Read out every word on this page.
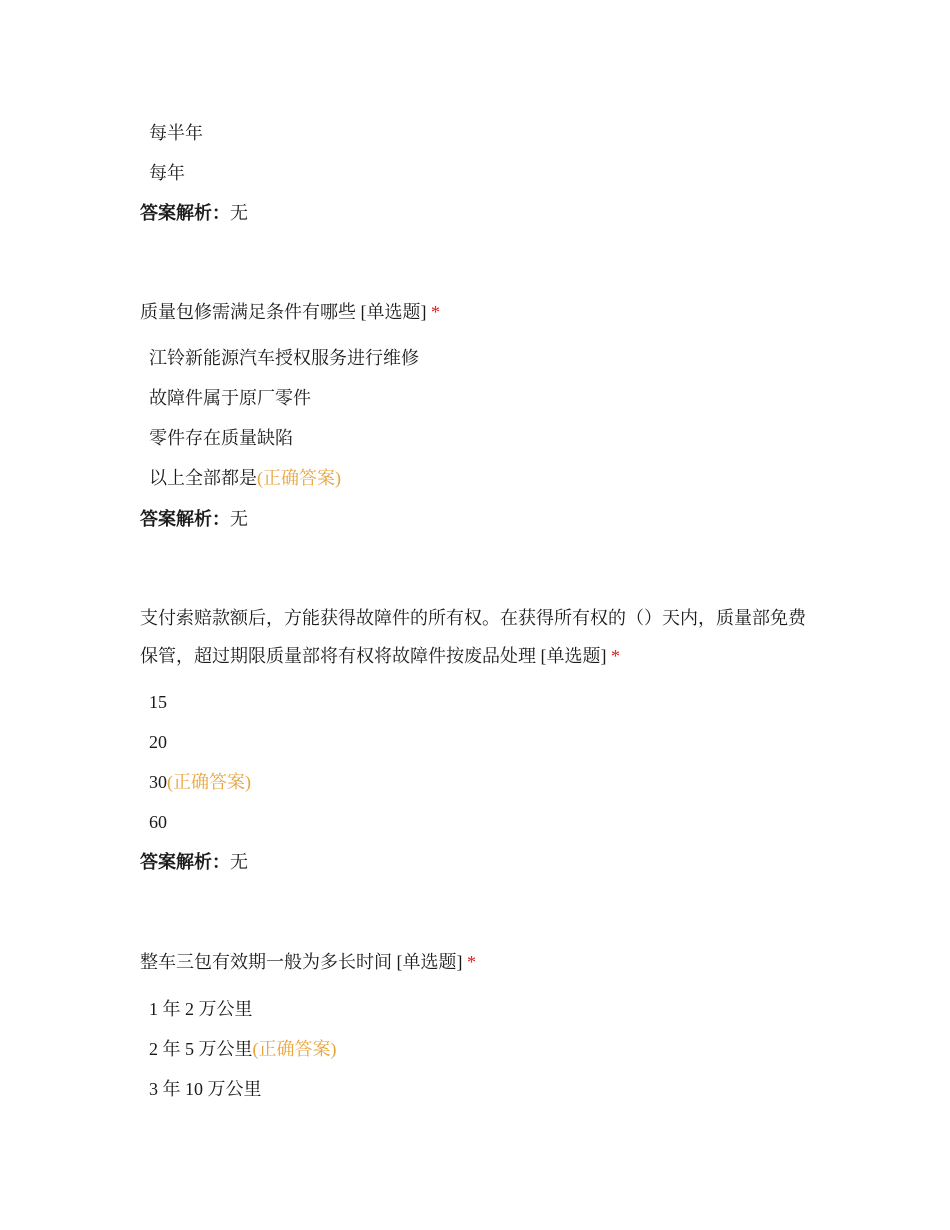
每半年
每年
答案解析：无
质量包修需满足条件有哪些 [单选题] *
江铃新能源汽车授权服务进行维修
故障件属于原厂零件
零件存在质量缺陷
以上全部都是(正确答案)
答案解析：无
支付索赔款额后，方能获得故障件的所有权。在获得所有权的（）天内，质量部免费保管，超过期限质量部将有权将故障件按废品处理 [单选题] *
15
20
30(正确答案)
60
答案解析：无
整车三包有效期一般为多长时间 [单选题] *
1 年 2 万公里
2 年 5 万公里(正确答案)
3 年 10 万公里
